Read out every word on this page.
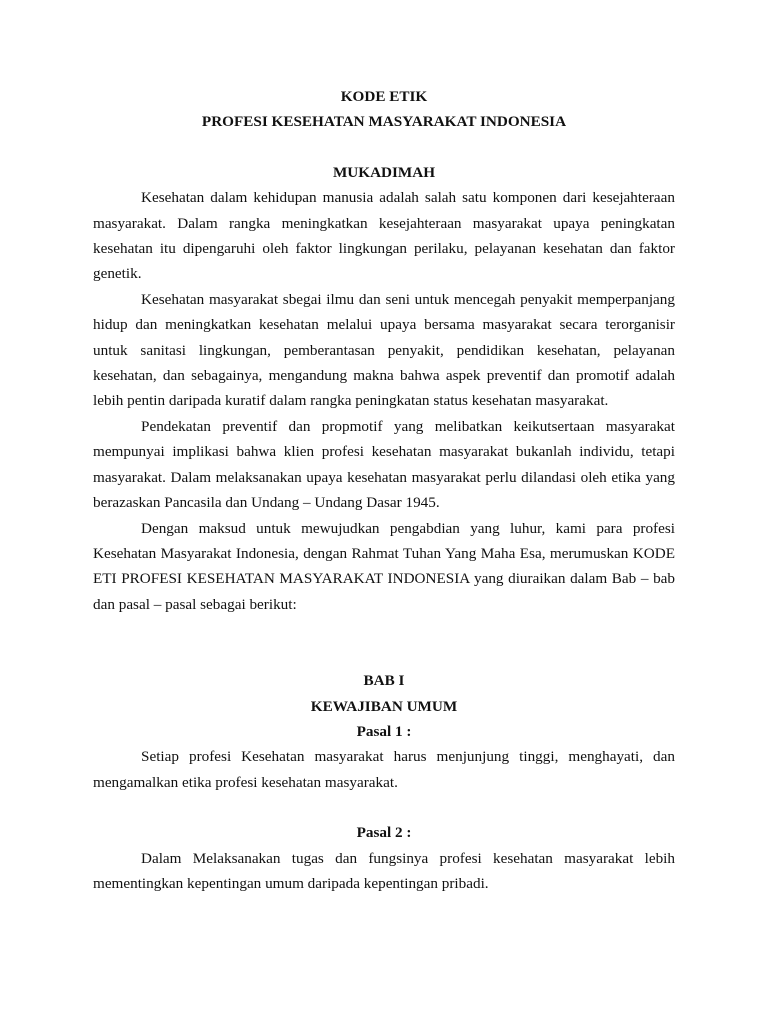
KODE ETIK

PROFESI KESEHATAN MASYARAKAT INDONESIA

MUKADIMAH

Kesehatan dalam kehidupan manusia adalah salah satu komponen dari kesejahteraan masyarakat. Dalam rangka meningkatkan kesejahteraan masyarakat upaya peningkatan kesehatan itu dipengaruhi oleh faktor lingkungan perilaku, pelayanan kesehatan dan faktor genetik.

Kesehatan masyarakat sbegai ilmu dan seni untuk mencegah penyakit memperpanjang hidup dan meningkatkan kesehatan melalui upaya bersama masyarakat secara terorganisir untuk sanitasi lingkungan, pemberantasan penyakit, pendidikan kesehatan, pelayanan kesehatan, dan sebagainya, mengandung makna bahwa aspek preventif dan promotif adalah lebih pentin daripada kuratif dalam rangka peningkatan status kesehatan masyarakat.

Pendekatan preventif dan propmotif yang melibatkan keikutsertaan masyarakat mempunyai implikasi bahwa klien profesi kesehatan masyarakat bukanlah individu, tetapi masyarakat. Dalam melaksanakan upaya kesehatan masyarakat perlu dilandasi oleh etika yang berazaskan Pancasila dan Undang – Undang Dasar 1945.

Dengan maksud untuk mewujudkan pengabdian yang luhur, kami para profesi Kesehatan Masyarakat Indonesia, dengan Rahmat Tuhan Yang Maha Esa, merumuskan KODE ETI PROFESI KESEHATAN MASYARAKAT INDONESIA yang diuraikan dalam Bab – bab dan pasal – pasal sebagai berikut:

BAB I

KEWAJIBAN UMUM

Pasal 1 :

Setiap profesi Kesehatan masyarakat harus menjunjung tinggi, menghayati, dan mengamalkan etika profesi kesehatan masyarakat.

Pasal 2 :

Dalam Melaksanakan tugas dan fungsinya profesi kesehatan masyarakat lebih mementingkan kepentingan umum daripada kepentingan pribadi.
